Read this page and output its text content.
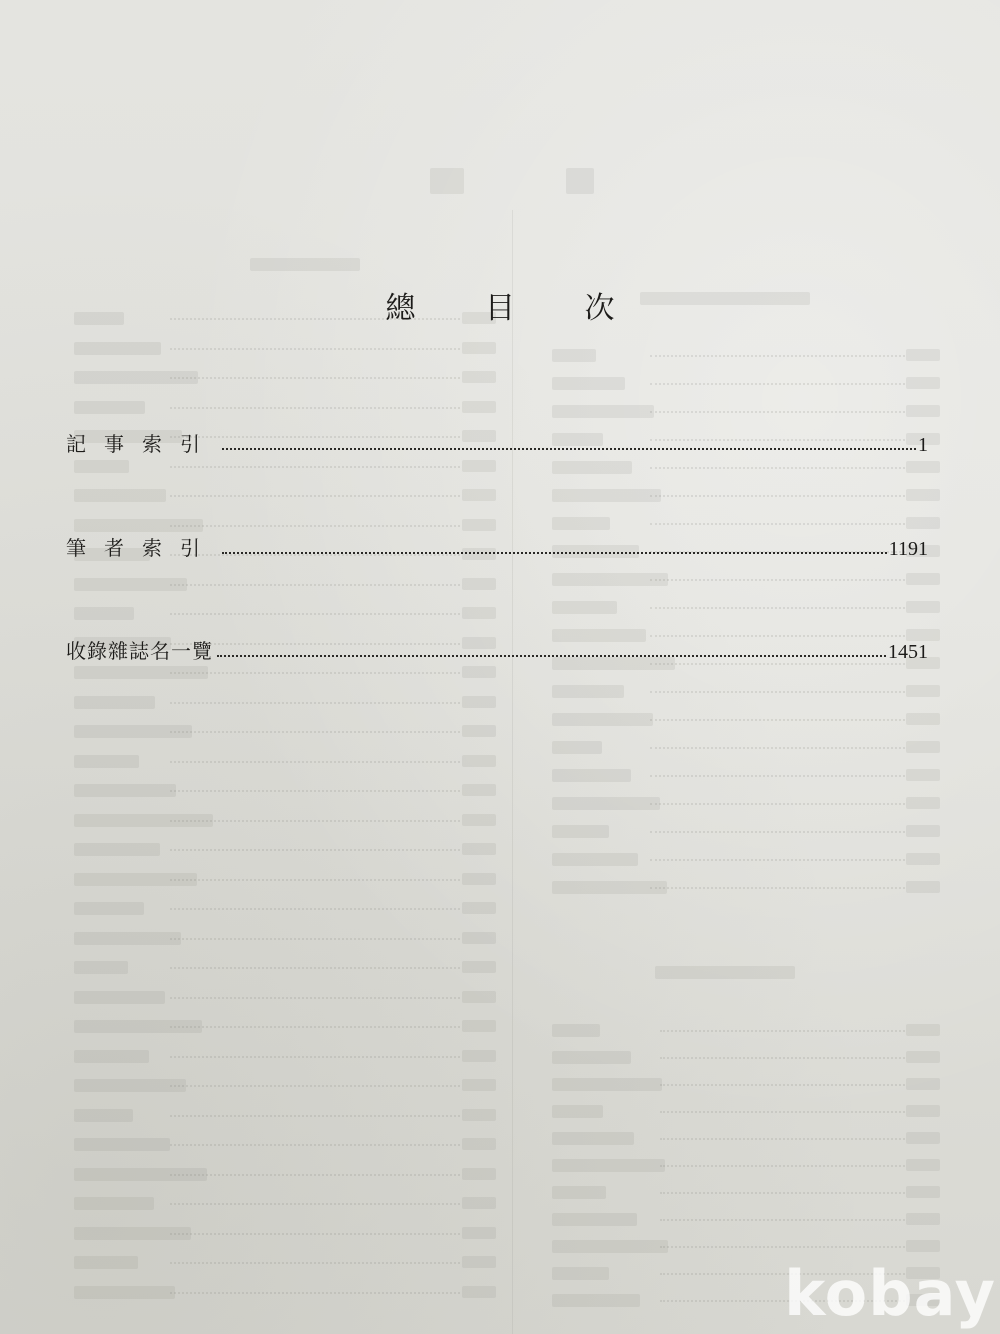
總 目 次
記事索引	1
筆者索引	1191
收錄雜誌名一覽	1451
kobay
